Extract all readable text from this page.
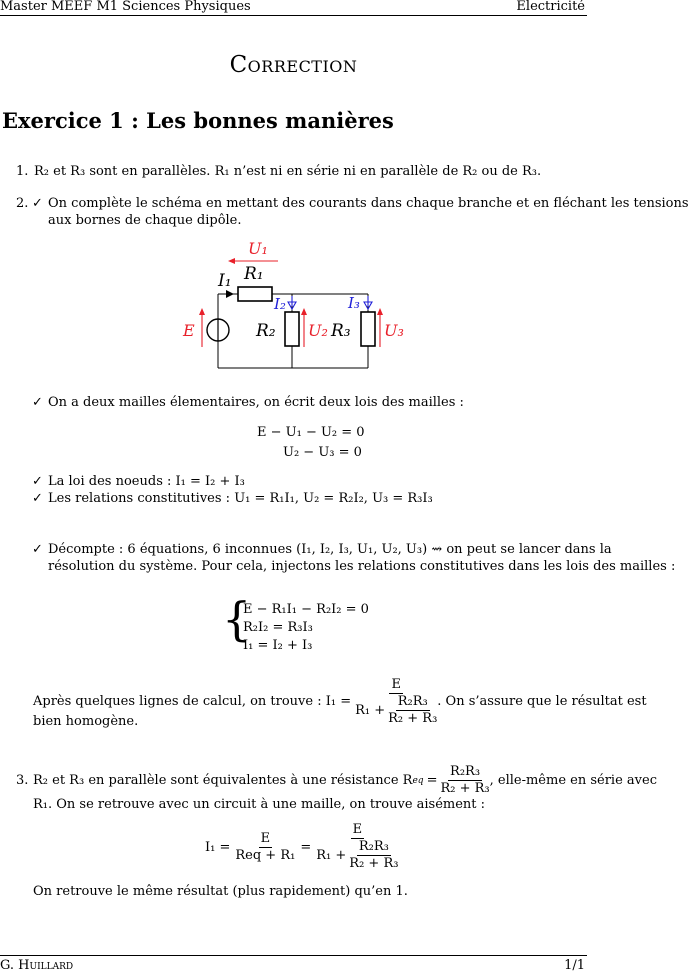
Master MEEF M1 Sciences Physiques	Electricité
Correction
Exercice 1 : Les bonnes manières
1. R₂ et R₃ sont en parallèles. R₁ n’est ni en série ni en parallèle de R₂ ou de R₃.
2. ✓ On complète le schéma en mettant des courants dans chaque branche et en fléchant les tensions
aux bornes de chaque dipôle.
U₁
I₁ R₁
I₂	I₃
E	R₂ U₂ R₃ U₃
✓ On a deux mailles élementaires, on écrit deux lois des mailles :
E − U₁ − U₂ = 0
U₂ − U₃ = 0
✓ La loi des noeuds : I₁ = I₂ + I₃
✓ Les relations constitutives : U₁ = R₁I₁, U₂ = R₂I₂, U₃ = R₃I₃
✓ Décompte : 6 équations, 6 inconnues (I₁, I₂, I₃, U₁, U₂, U₃) ⇝ on peut se lancer dans la
résolution du système. Pour cela, injectons les relations constitutives dans les lois des mailles :
{
E − R₁I₁ − R₂I₂ = 0
R₂I₂ = R₃I₃
I₁ = I₂ + I₃
Après quelques lignes de calcul, on trouve : $I_1 = \frac{E}{R_1 + \frac{\text{R₂R₃}}{\text{R₂ + R₃}}}$ . On s’assure que le résultat est
bien homogène.
3. R₂ et R₃ en parallèle sont équivalentes à une résistance R eq = $\frac{\text{R₂R₃}}{\text{R₂ + R₃}}$ , elle-même en série avec
R₁. On se retrouve avec un circuit à une maille, on trouve aisément :
$I_1 = \frac{E}{\text{Req + R₁}} = \frac{E}{R_1 + \frac{\text{R₂R₃}}{\text{R₂ + R₃}}}$
On retrouve le même résultat (plus rapidement) qu’en 1.
G. Huillard	1/1
